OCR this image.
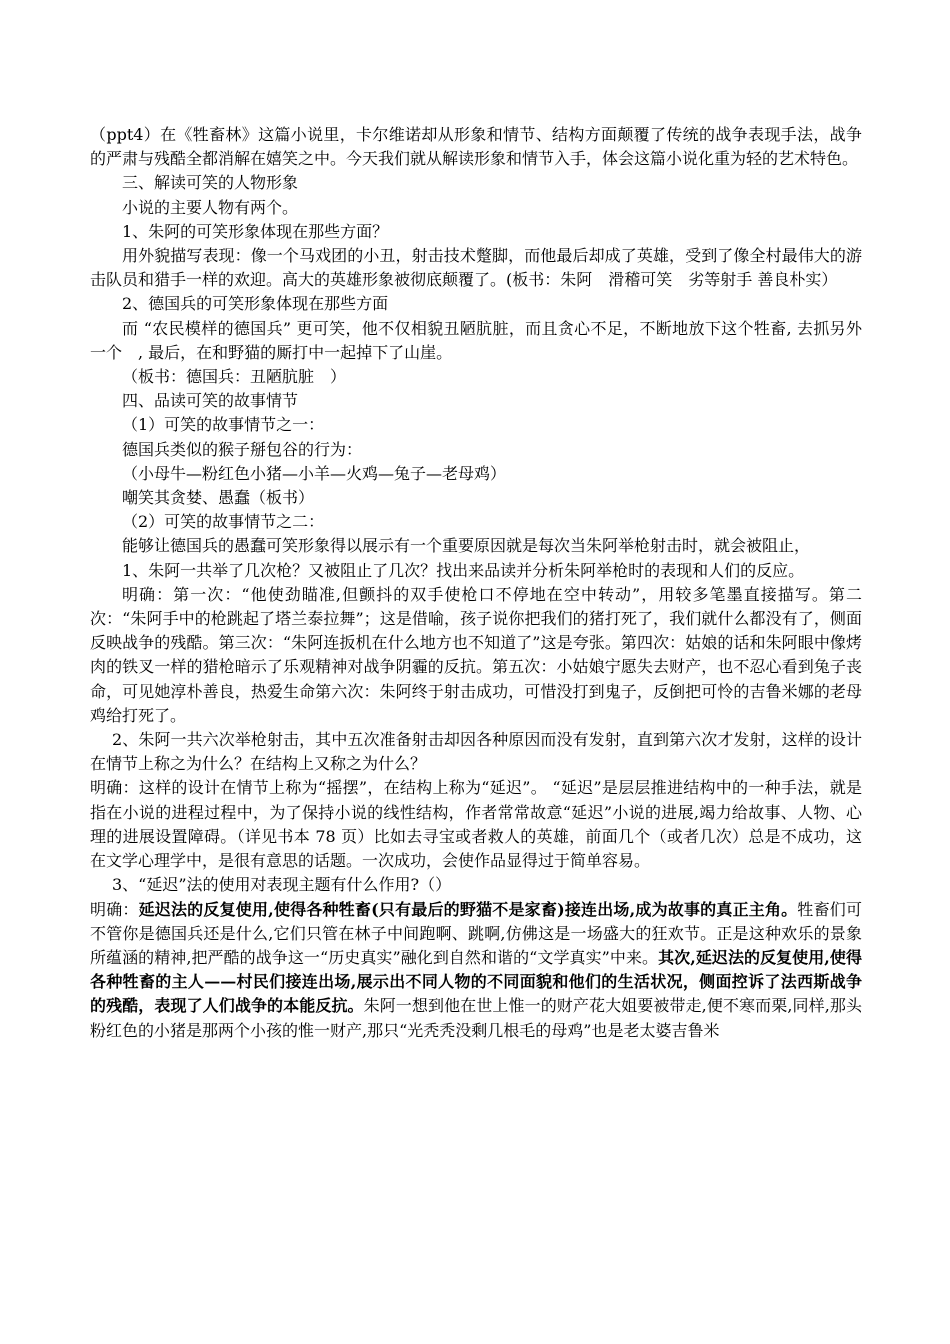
（ppt4）在《牲畜林》这篇小说里，卡尔维诺却从形象和情节、结构方面颠覆了传统的战争表现手法，战争的严肃与残酷全都消解在嬉笑之中。今天我们就从解读形象和情节入手，体会这篇小说化重为轻的艺术特色。

三、解读可笑的人物形象

小说的主要人物有两个。

1、朱阿的可笑形象体现在那些方面？

用外貌描写表现：像一个马戏团的小丑，射击技术蹩脚，而他最后却成了英雄，受到了像全村最伟大的游击队员和猎手一样的欢迎。高大的英雄形象被彻底颠覆了。(板书：朱阿　滑稽可笑　劣等射手 善良朴实）

2、德国兵的可笑形象体现在那些方面

而 “农民模样的德国兵” 更可笑，他不仅相貌丑陋肮脏，而且贪心不足，不断地放下这个牲畜, 去抓另外一个　, 最后，在和野猫的厮打中一起掉下了山崖。

（板书：德国兵：丑陋肮脏　）

四、品读可笑的故事情节

（1）可笑的故事情节之一：

德国兵类似的猴子掰包谷的行为：

（小母牛—粉红色小猪—小羊—火鸡—兔子—老母鸡）

嘲笑其贪婪、愚蠢（板书）

（2）可笑的故事情节之二：

能够让德国兵的愚蠢可笑形象得以展示有一个重要原因就是每次当朱阿举枪射击时，就会被阻止，

1、朱阿一共举了几次枪？又被阻止了几次？找出来品读并分析朱阿举枪时的表现和人们的反应。

明确：第一次：“他使劲瞄准,但颤抖的双手使枪口不停地在空中转动”，用较多笔墨直接描写。第二次：“朱阿手中的枪跳起了塔兰泰拉舞”；这是借喻，孩子说你把我们的猪打死了，我们就什么都没有了，侧面反映战争的残酷。第三次：“朱阿连扳机在什么地方也不知道了”这是夸张。第四次：姑娘的话和朱阿眼中像烤肉的铁叉一样的猎枪暗示了乐观精神对战争阴霾的反抗。第五次：小姑娘宁愿失去财产，也不忍心看到兔子丧命，可见她淳朴善良，热爱生命第六次：朱阿终于射击成功，可惜没打到鬼子，反倒把可怜的吉鲁米娜的老母鸡给打死了。

2、朱阿一共六次举枪射击，其中五次准备射击却因各种原因而没有发射，直到第六次才发射，这样的设计在情节上称之为什么？在结构上又称之为什么？

明确：这样的设计在情节上称为“摇摆”，在结构上称为“延迟”。 “延迟”是层层推进结构中的一种手法，就是指在小说的进程过程中，为了保持小说的线性结构，作者常常故意“延迟”小说的进展,竭力给故事、人物、心理的进展设置障碍。（详见书本 78 页）比如去寻宝或者救人的英雄，前面几个（或者几次）总是不成功，这在文学心理学中，是很有意思的话题。一次成功，会使作品显得过于简单容易。

3、“延迟”法的使用对表现主题有什么作用?（）

明确：延迟法的反复使用,使得各种牲畜(只有最后的野猫不是家畜)接连出场,成为故事的真正主角。牲畜们可不管你是德国兵还是什么,它们只管在林子中间跑啊、跳啊,仿佛这是一场盛大的狂欢节。正是这种欢乐的景象所蕴涵的精神,把严酷的战争这一“历史真实”融化到自然和谐的“文学真实”中来。其次,延迟法的反复使用,使得各种牲畜的主人——村民们接连出场,展示出不同人物的不同面貌和他们的生活状况，侧面控诉了法西斯战争的残酷，表现了人们战争的本能反抗。朱阿一想到他在世上惟一的财产花大姐要被带走,便不寒而栗,同样,那头粉红色的小猪是那两个小孩的惟一财产,那只“光秃秃没剩几根毛的母鸡”也是老太婆吉鲁米
